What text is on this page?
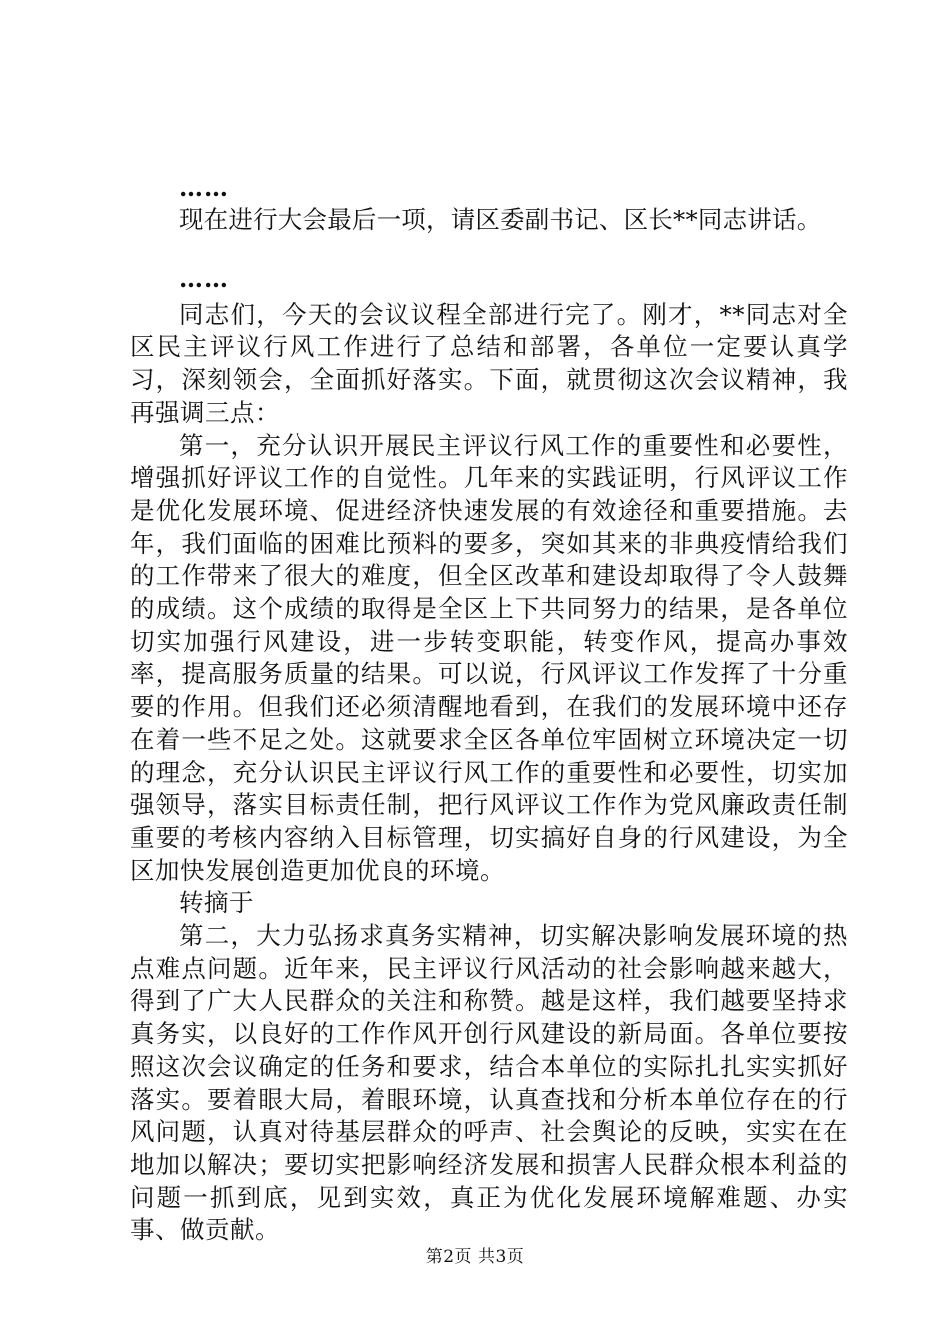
……

现在进行大会最后一项，请区委副书记、区长**同志讲话。

……

同志们，今天的会议议程全部进行完了。刚才，**同志对全区民主评议行风工作进行了总结和部署，各单位一定要认真学习，深刻领会，全面抓好落实。下面，就贯彻这次会议精神，我再强调三点：

第一，充分认识开展民主评议行风工作的重要性和必要性，增强抓好评议工作的自觉性。几年来的实践证明，行风评议工作是优化发展环境、促进经济快速发展的有效途径和重要措施。去年，我们面临的困难比预料的要多，突如其来的非典疫情给我们的工作带来了很大的难度，但全区改革和建设却取得了令人鼓舞的成绩。这个成绩的取得是全区上下共同努力的结果，是各单位切实加强行风建设，进一步转变职能，转变作风，提高办事效率，提高服务质量的结果。可以说，行风评议工作发挥了十分重要的作用。但我们还必须清醒地看到，在我们的发展环境中还存在着一些不足之处。这就要求全区各单位牢固树立环境决定一切的理念，充分认识民主评议行风工作的重要性和必要性，切实加强领导，落实目标责任制，把行风评议工作作为党风廉政责任制重要的考核内容纳入目标管理，切实搞好自身的行风建设，为全区加快发展创造更加优良的环境。

转摘于

第二，大力弘扬求真务实精神，切实解决影响发展环境的热点难点问题。近年来，民主评议行风活动的社会影响越来越大，得到了广大人民群众的关注和称赞。越是这样，我们越要坚持求真务实，以良好的工作作风开创行风建设的新局面。各单位要按照这次会议确定的任务和要求，结合本单位的实际扎扎实实抓好落实。要着眼大局，着眼环境，认真查找和分析本单位存在的行风问题，认真对待基层群众的呼声、社会舆论的反映，实实在在地加以解决；要切实把影响经济发展和损害人民群众根本利益的问题一抓到底，见到实效，真正为优化发展环境解难题、办实事、做贡献。

第2页 共3页
